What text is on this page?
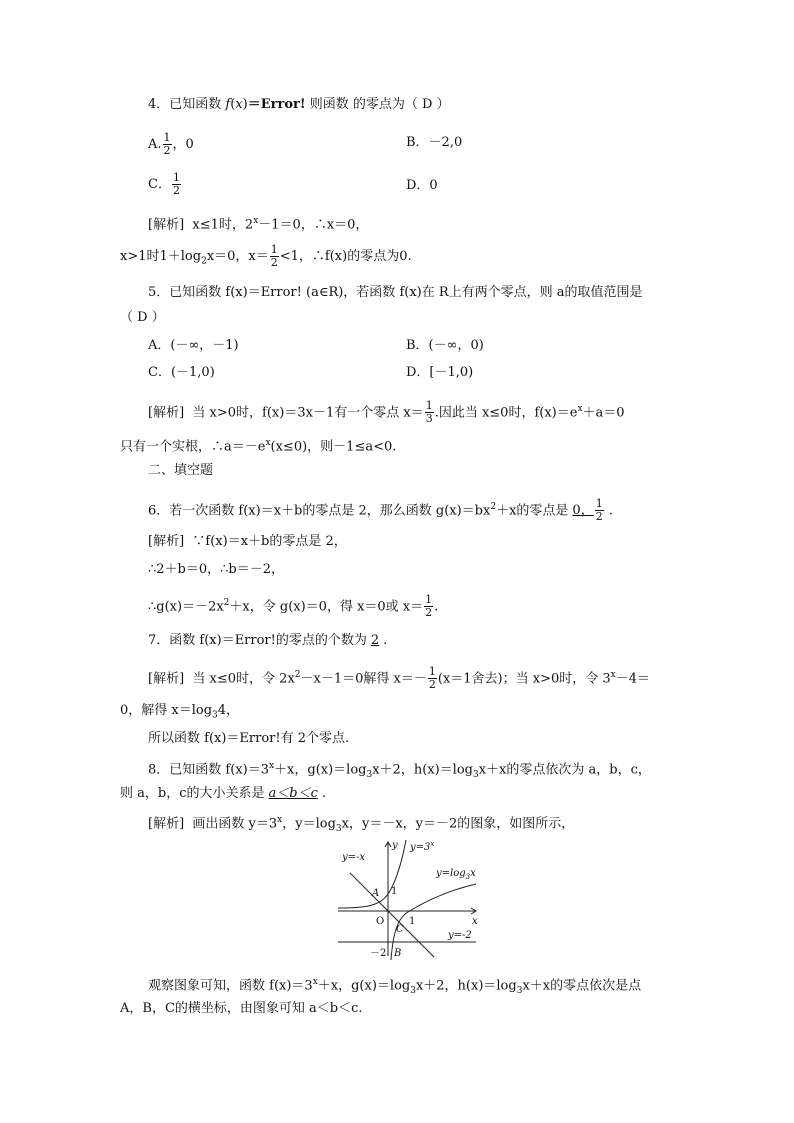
4．已知函数 f(x)＝Error! 则函数 的零点为（ D ）
A. $\frac{1}{2}$ ，0	B．－2,0
C． $\frac{1}{2}$	D．0
[解析] x≤1时，$2^x-1=0$，∴x＝0，
x>1时$1+\log_2x=0$，$x= \frac{1}{2} <1$，∴f(x)的零点为0.
5．已知函数 f(x)＝Error! (a∈R)，若函数 f(x)在 R上有两个零点，则 a的取值范围是
（ D ）
A．(－∞，－1)	B．(－∞，0)
C．(－1,0)	D．[－1,0)
[解析] 当 x>0时，f(x)＝3x－1有一个零点 $x= \frac{1}{3}$ .因此当 x≤0时，$f(x)=e^x+a=0$
只有一个实根，$\therefore a=-e^x(x\le 0)$，则－1≤a<0.
二、填空题
6．若一次函数 f(x)＝x＋b的零点是 2，那么函数 $g(x)=bx^2+x$的零点是 0， $\frac{1}{2}$ .
[解析] ∵f(x)＝x＋b的零点是 2，
∴2＋b＝0，∴b＝－2，
$\therefore g(x)=-2x^2+x$，令 g(x)＝0，得 x＝0或 $x= \frac{1}{2}$ .
7．函数 f(x)＝Error!的零点的个数为 2 .
[解析] 当 x≤0时，令 $2x^2-x-1=0$解得 $x=- \frac{1}{2} (x=1$舍去)；当 x>0时，令 $3^x-4=$
0，解得 $x=\log_34$，
所以函数 f(x)＝Error!有 2个零点.
8．已知函数 $f(x)=3^x+x$，$g(x)=\log_3x+2$，$h(x)=\log_3x+x$的零点依次为 a，b，c，
则 a，b，c的大小关系是 a＜b＜c .
[解析] 画出函数 $y=3^x$，$y=\log_3x$，y＝－x，y＝－2的图象，如图所示，
y=-x
y $y=3^x$
$y=\log_3x$
A
C
B
x
y=-2
1
O 1
－2
观察图象可知，函数 $f(x)=3^x+x$，$g(x)=\log_3x+2$，$h(x)=\log_3x+x$的零点依次是点
A，B，C的横坐标，由图象可知 a＜b＜c.
